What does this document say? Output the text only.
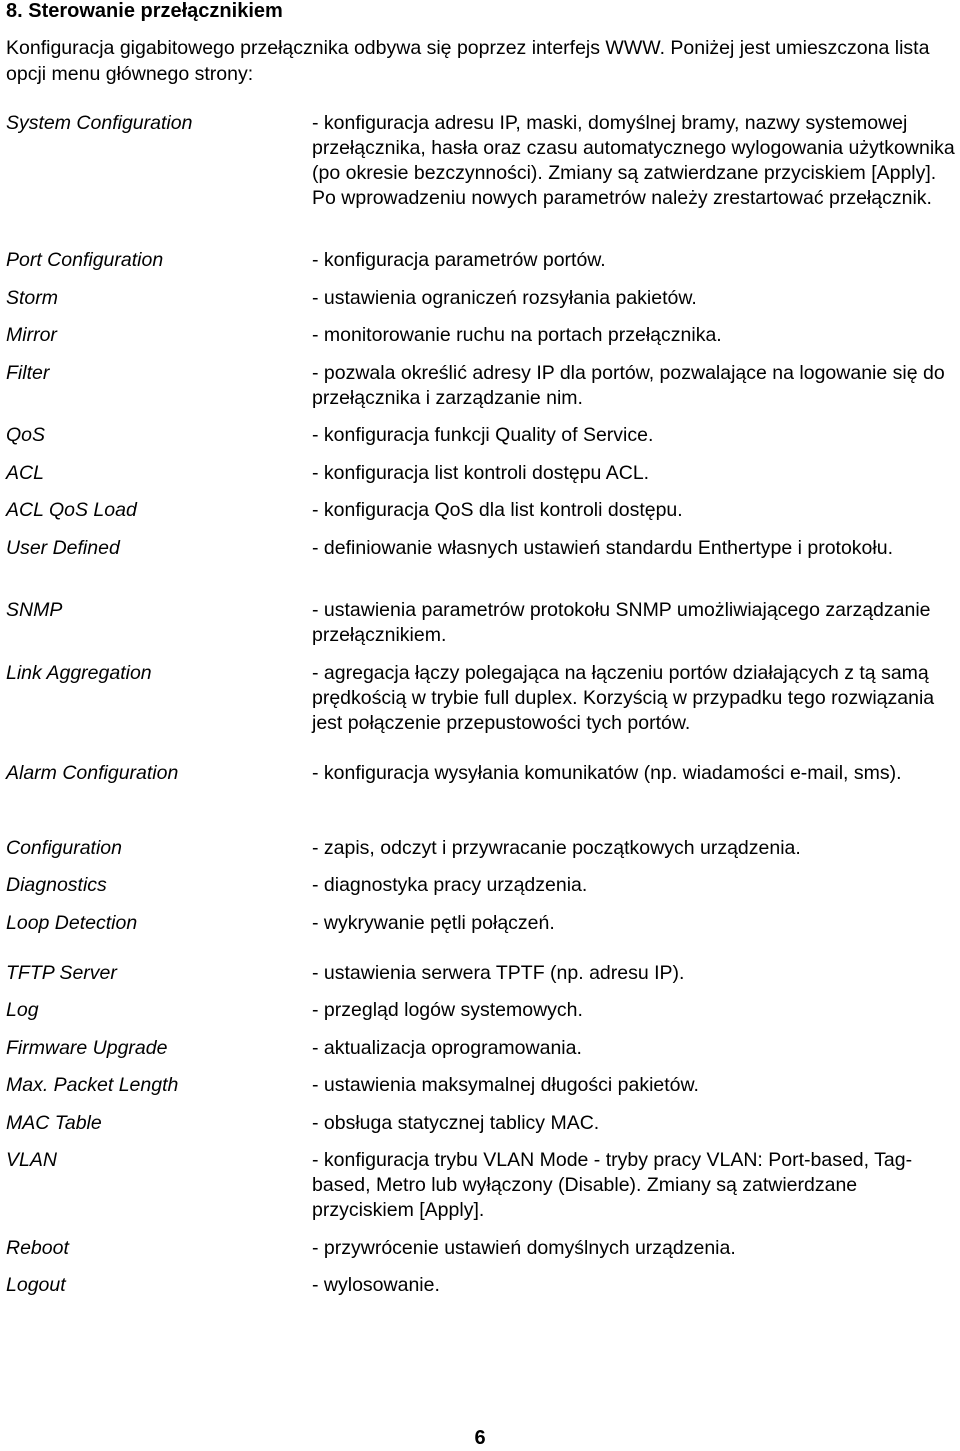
8. Sterowanie przełącznikiem

Konfiguracja gigabitowego przełącznika odbywa się poprzez interfejs WWW. Poniżej jest umieszczona lista opcji menu głównego strony:

System Configuration	- konfiguracja adresu IP, maski, domyślnej bramy, nazwy systemowej przełącznika, hasła oraz czasu automatycznego wylogowania użytkownika (po okresie bezczynności). Zmiany są zatwierdzane przyciskiem [Apply]. Po wprowadzeniu nowych parametrów należy zrestartować przełącznik.
Port Configuration	- konfiguracja parametrów portów.
Storm	- ustawienia ograniczeń rozsyłania pakietów.
Mirror	- monitorowanie ruchu na portach przełącznika.
Filter	- pozwala określić adresy IP dla portów, pozwalające na logowanie się do przełącznika i zarządzanie nim.
QoS	- konfiguracja funkcji Quality of Service.
ACL	- konfiguracja list kontroli dostępu ACL.
ACL QoS Load	- konfiguracja QoS dla list kontroli dostępu.
User Defined	- definiowanie własnych ustawień standardu Enthertype i protokołu.
SNMP	- ustawienia parametrów protokołu SNMP umożliwiającego zarządzanie przełącznikiem.
Link Aggregation	- agregacja łączy polegająca na łączeniu portów działających z tą samą prędkością w trybie full duplex. Korzyścią w przypadku tego rozwiązania jest połączenie przepustowości tych portów.
Alarm Configuration	- konfiguracja wysyłania komunikatów (np. wiadamości e-mail, sms).
Configuration	- zapis, odczyt i przywracanie początkowych urządzenia.
Diagnostics	- diagnostyka pracy urządzenia.
Loop Detection	- wykrywanie pętli połączeń.
TFTP Server	- ustawienia serwera TPTF (np. adresu IP).
Log	- przegląd logów systemowych.
Firmware Upgrade	- aktualizacja oprogramowania.
Max. Packet Length	- ustawienia maksymalnej długości pakietów.
MAC Table	- obsługa statycznej tablicy MAC.
VLAN	- konfiguracja trybu VLAN Mode - tryby pracy VLAN: Port-based, Tag-based, Metro lub wyłączony (Disable). Zmiany są zatwierdzane przyciskiem [Apply].
Reboot	- przywrócenie ustawień domyślnych urządzenia.
Logout	- wylosowanie.
6
